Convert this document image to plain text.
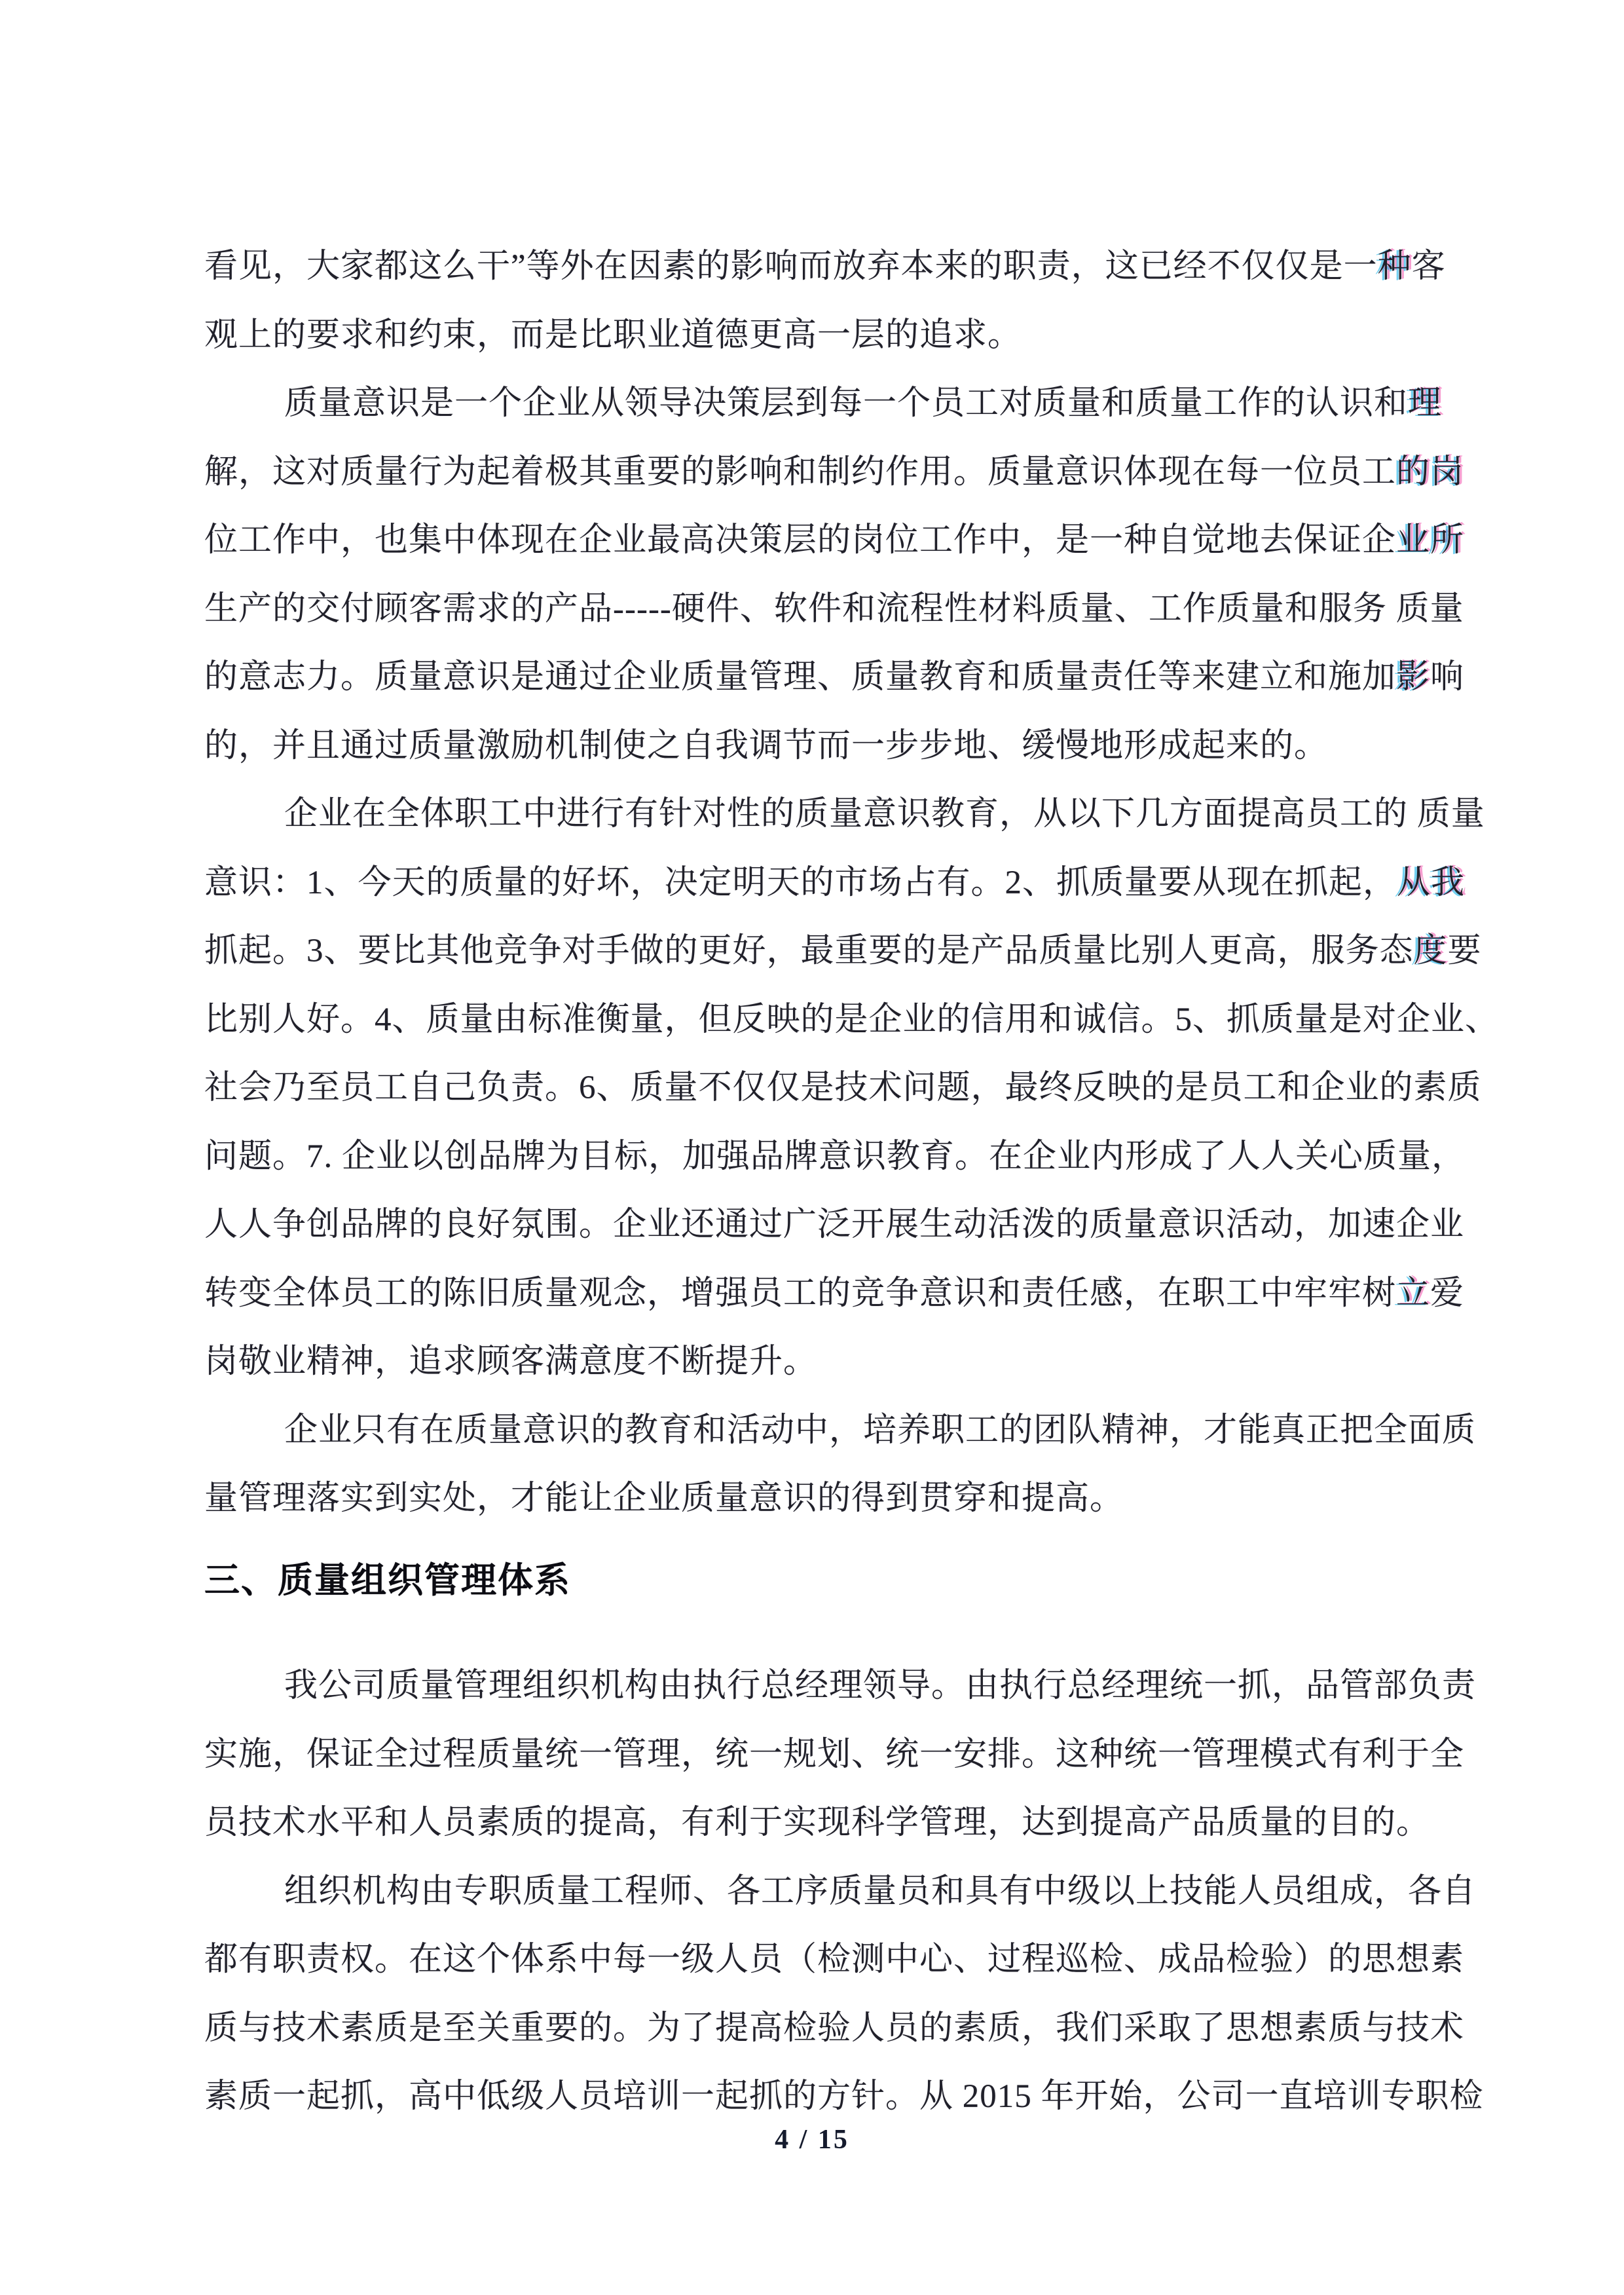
看见，大家都这么干”等外在因素的影响而放弃本来的职责，这已经不仅仅是一种客
观上的要求和约束，而是比职业道德更高一层的追求。
质量意识是一个企业从领导决策层到每一个员工对质量和质量工作的认识和理
解，这对质量行为起着极其重要的影响和制约作用。质量意识体现在每一位员工的岗
位工作中，也集中体现在企业最高决策层的岗位工作中，是一种自觉地去保证企业所
生产的交付顾客需求的产品-----硬件、软件和流程性材料质量、工作质量和服务 质量
的意志力。质量意识是通过企业质量管理、质量教育和质量责任等来建立和施加影响
的，并且通过质量激励机制使之自我调节而一步步地、缓慢地形成起来的。
企业在全体职工中进行有针对性的质量意识教育，从以下几方面提高员工的 质量
意识：1、今天的质量的好坏，决定明天的市场占有。2、抓质量要从现在抓起，从我
抓起。3、要比其他竞争对手做的更好，最重要的是产品质量比别人更高，服务态度要
比别人好。4、质量由标准衡量，但反映的是企业的信用和诚信。5、抓质量是对企业、
社会乃至员工自己负责。6、质量不仅仅是技术问题，最终反映的是员工和企业的素质
问题。7. 企业以创品牌为目标，加强品牌意识教育。在企业内形成了人人关心质量，
人人争创品牌的良好氛围。企业还通过广泛开展生动活泼的质量意识活动，加速企业
转变全体员工的陈旧质量观念，增强员工的竞争意识和责任感，在职工中牢牢树立爱
岗敬业精神，追求顾客满意度不断提升。
企业只有在质量意识的教育和活动中，培养职工的团队精神，才能真正把全面质
量管理落实到实处，才能让企业质量意识的得到贯穿和提高。
三、质量组织管理体系
我公司质量管理组织机构由执行总经理领导。由执行总经理统一抓，品管部负责
实施，保证全过程质量统一管理，统一规划、统一安排。这种统一管理模式有利于全
员技术水平和人员素质的提高，有利于实现科学管理，达到提高产品质量的目的。
组织机构由专职质量工程师、各工序质量员和具有中级以上技能人员组成，各自
都有职责权。在这个体系中每一级人员（检测中心、过程巡检、成品检验）的思想素
质与技术素质是至关重要的。为了提高检验人员的素质，我们采取了思想素质与技术
素质一起抓，高中低级人员培训一起抓的方针。从 2015 年开始，公司一直培训专职检
4 / 15
